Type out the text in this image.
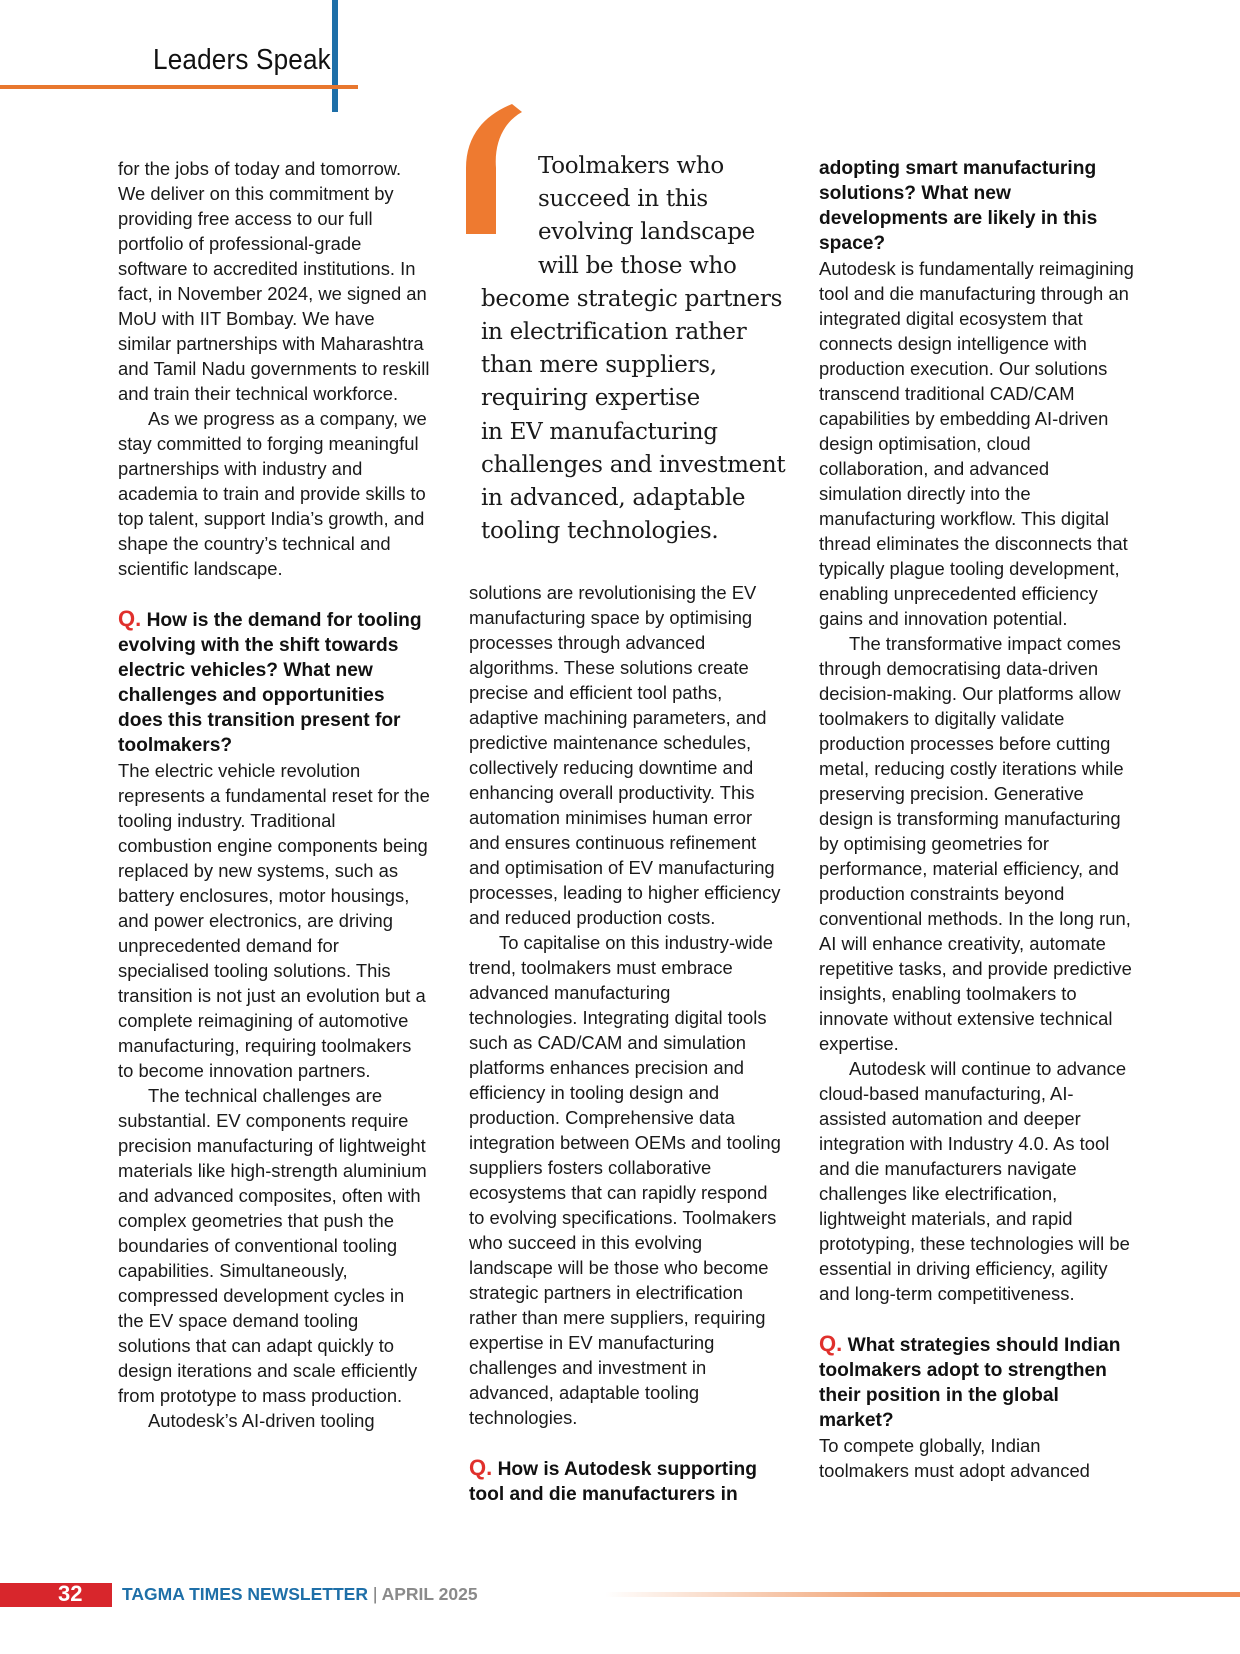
Leaders Speak

for the jobs of today and tomorrow. We deliver on this commitment by providing free access to our full portfolio of professional-grade software to accredited institutions. In fact, in November 2024, we signed an MoU with IIT Bombay. We have similar partnerships with Maharashtra and Tamil Nadu governments to reskill and train their technical workforce.

As we progress as a company, we stay committed to forging meaningful partnerships with industry and academia to train and provide skills to top talent, support India’s growth, and shape the country’s technical and scientific landscape.

Q. How is the demand for tooling evolving with the shift towards electric vehicles? What new challenges and opportunities does this transition present for toolmakers?

The electric vehicle revolution represents a fundamental reset for the tooling industry. Traditional combustion engine components being replaced by new systems, such as battery enclosures, motor housings, and power electronics, are driving unprecedented demand for specialised tooling solutions. This transition is not just an evolution but a complete reimagining of automotive manufacturing, requiring toolmakers to become innovation partners.

The technical challenges are substantial. EV components require precision manufacturing of lightweight materials like high-strength aluminium and advanced composites, often with complex geometries that push the boundaries of conventional tooling capabilities. Simultaneously, compressed development cycles in the EV space demand tooling solutions that can adapt quickly to design iterations and scale efficiently from prototype to mass production.

Autodesk’s AI-driven tooling

Toolmakers who
succeed in this
evolving landscape
will be those who
become strategic partners
in electrification rather
than mere suppliers,
requiring expertise
in EV manufacturing
challenges and investment
in advanced, adaptable
tooling technologies.

solutions are revolutionising the EV manufacturing space by optimising processes through advanced algorithms. These solutions create precise and efficient tool paths, adaptive machining parameters, and predictive maintenance schedules, collectively reducing downtime and enhancing overall productivity. This automation minimises human error and ensures continuous refinement and optimisation of EV manufacturing processes, leading to higher efficiency and reduced production costs.

To capitalise on this industry-wide trend, toolmakers must embrace advanced manufacturing technologies. Integrating digital tools such as CAD/CAM and simulation platforms enhances precision and efficiency in tooling design and production. Comprehensive data integration between OEMs and tooling suppliers fosters collaborative ecosystems that can rapidly respond to evolving specifications. Toolmakers who succeed in this evolving landscape will be those who become strategic partners in electrification rather than mere suppliers, requiring expertise in EV manufacturing challenges and investment in advanced, adaptable tooling technologies.

Q. How is Autodesk supporting tool and die manufacturers in
adopting smart manufacturing solutions? What new developments are likely in this space?

Autodesk is fundamentally reimagining tool and die manufacturing through an integrated digital ecosystem that connects design intelligence with production execution. Our solutions transcend traditional CAD/CAM capabilities by embedding AI-driven design optimisation, cloud collaboration, and advanced simulation directly into the manufacturing workflow. This digital thread eliminates the disconnects that typically plague tooling development, enabling unprecedented efficiency gains and innovation potential.

The transformative impact comes through democratising data-driven decision-making. Our platforms allow toolmakers to digitally validate production processes before cutting metal, reducing costly iterations while preserving precision. Generative design is transforming manufacturing by optimising geometries for performance, material efficiency, and production constraints beyond conventional methods. In the long run, AI will enhance creativity, automate repetitive tasks, and provide predictive insights, enabling toolmakers to innovate without extensive technical expertise.

Autodesk will continue to advance cloud-based manufacturing, AI-assisted automation and deeper integration with Industry 4.0. As tool and die manufacturers navigate challenges like electrification, lightweight materials, and rapid prototyping, these technologies will be essential in driving efficiency, agility and long-term competitiveness.

Q. What strategies should Indian toolmakers adopt to strengthen their position in the global market?

To compete globally, Indian toolmakers must adopt advanced

32 TAGMA TIMES NEWSLETTER | APRIL 2025
